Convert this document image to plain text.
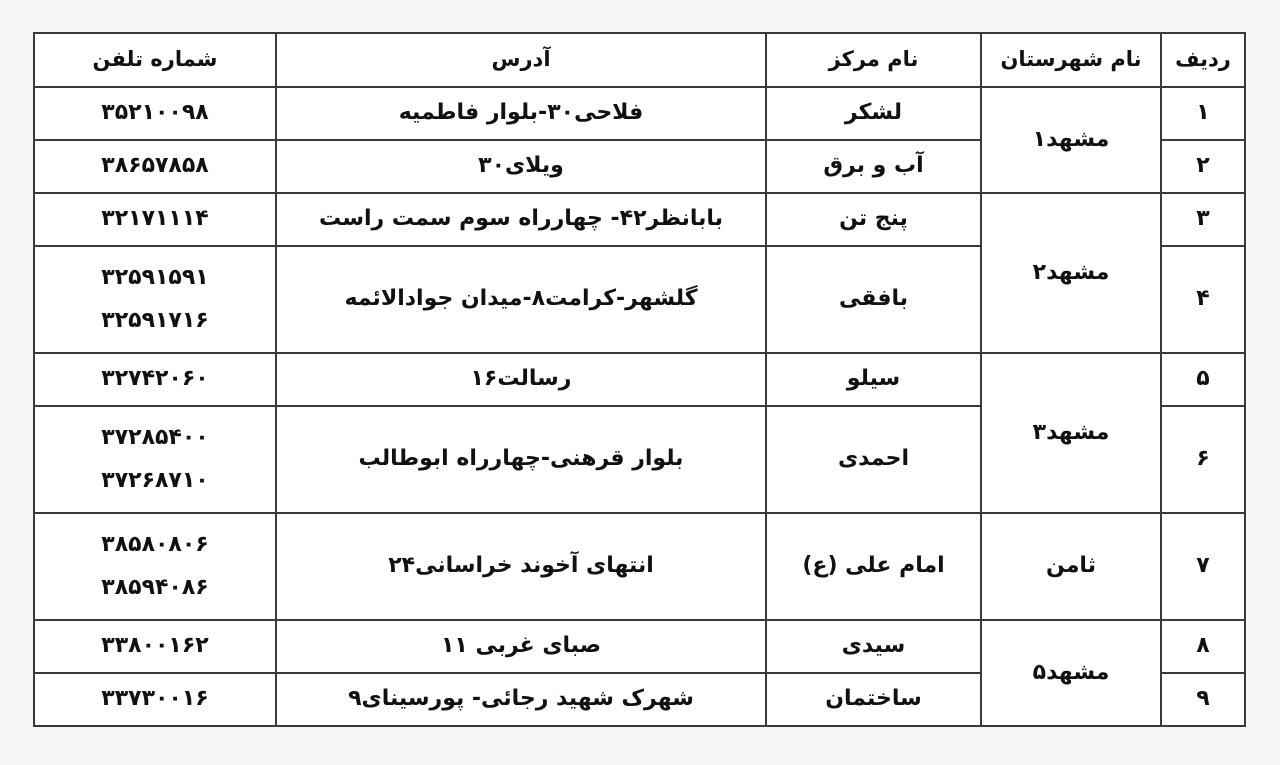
شماره تلفن	آدرس	نام مرکز	نام شهرستان	ردیف

۳۵۲۱۰۰۹۸	فلاحی۳۰-بلوار فاطمیه	لشکر	مشهد۱	۱

۳۸۶۵۷۸۵۸	ویلای۳۰	آب و برق		۲

۳۲۱۷۱۱۱۴	بابانظر۴۲- چهارراه سوم سمت راست	پنج تن	مشهد۲	۳

۳۲۵۹۱۵۹۱
۳۲۵۹۱۷۱۶	گلشهر-کرامت۸-میدان جوادالائمه	بافقی		۴

۳۲۷۴۲۰۶۰	رسالت۱۶	سیلو	مشهد۳	۵

۳۷۲۸۵۴۰۰
۳۷۲۶۸۷۱۰	بلوار قرهنی-چهارراه ابوطالب	احمدی		۶

۳۸۵۸۰۸۰۶
۳۸۵۹۴۰۸۶	انتهای آخوند خراسانی۲۴	امام علی (ع)	ثامن	۷

۳۳۸۰۰۱۶۲	صبای غربی ۱۱	سیدی	مشهد۵	۸

۳۳۷۳۰۰۱۶	شهرک شهید رجائی- پورسینای۹	ساختمان		۹
